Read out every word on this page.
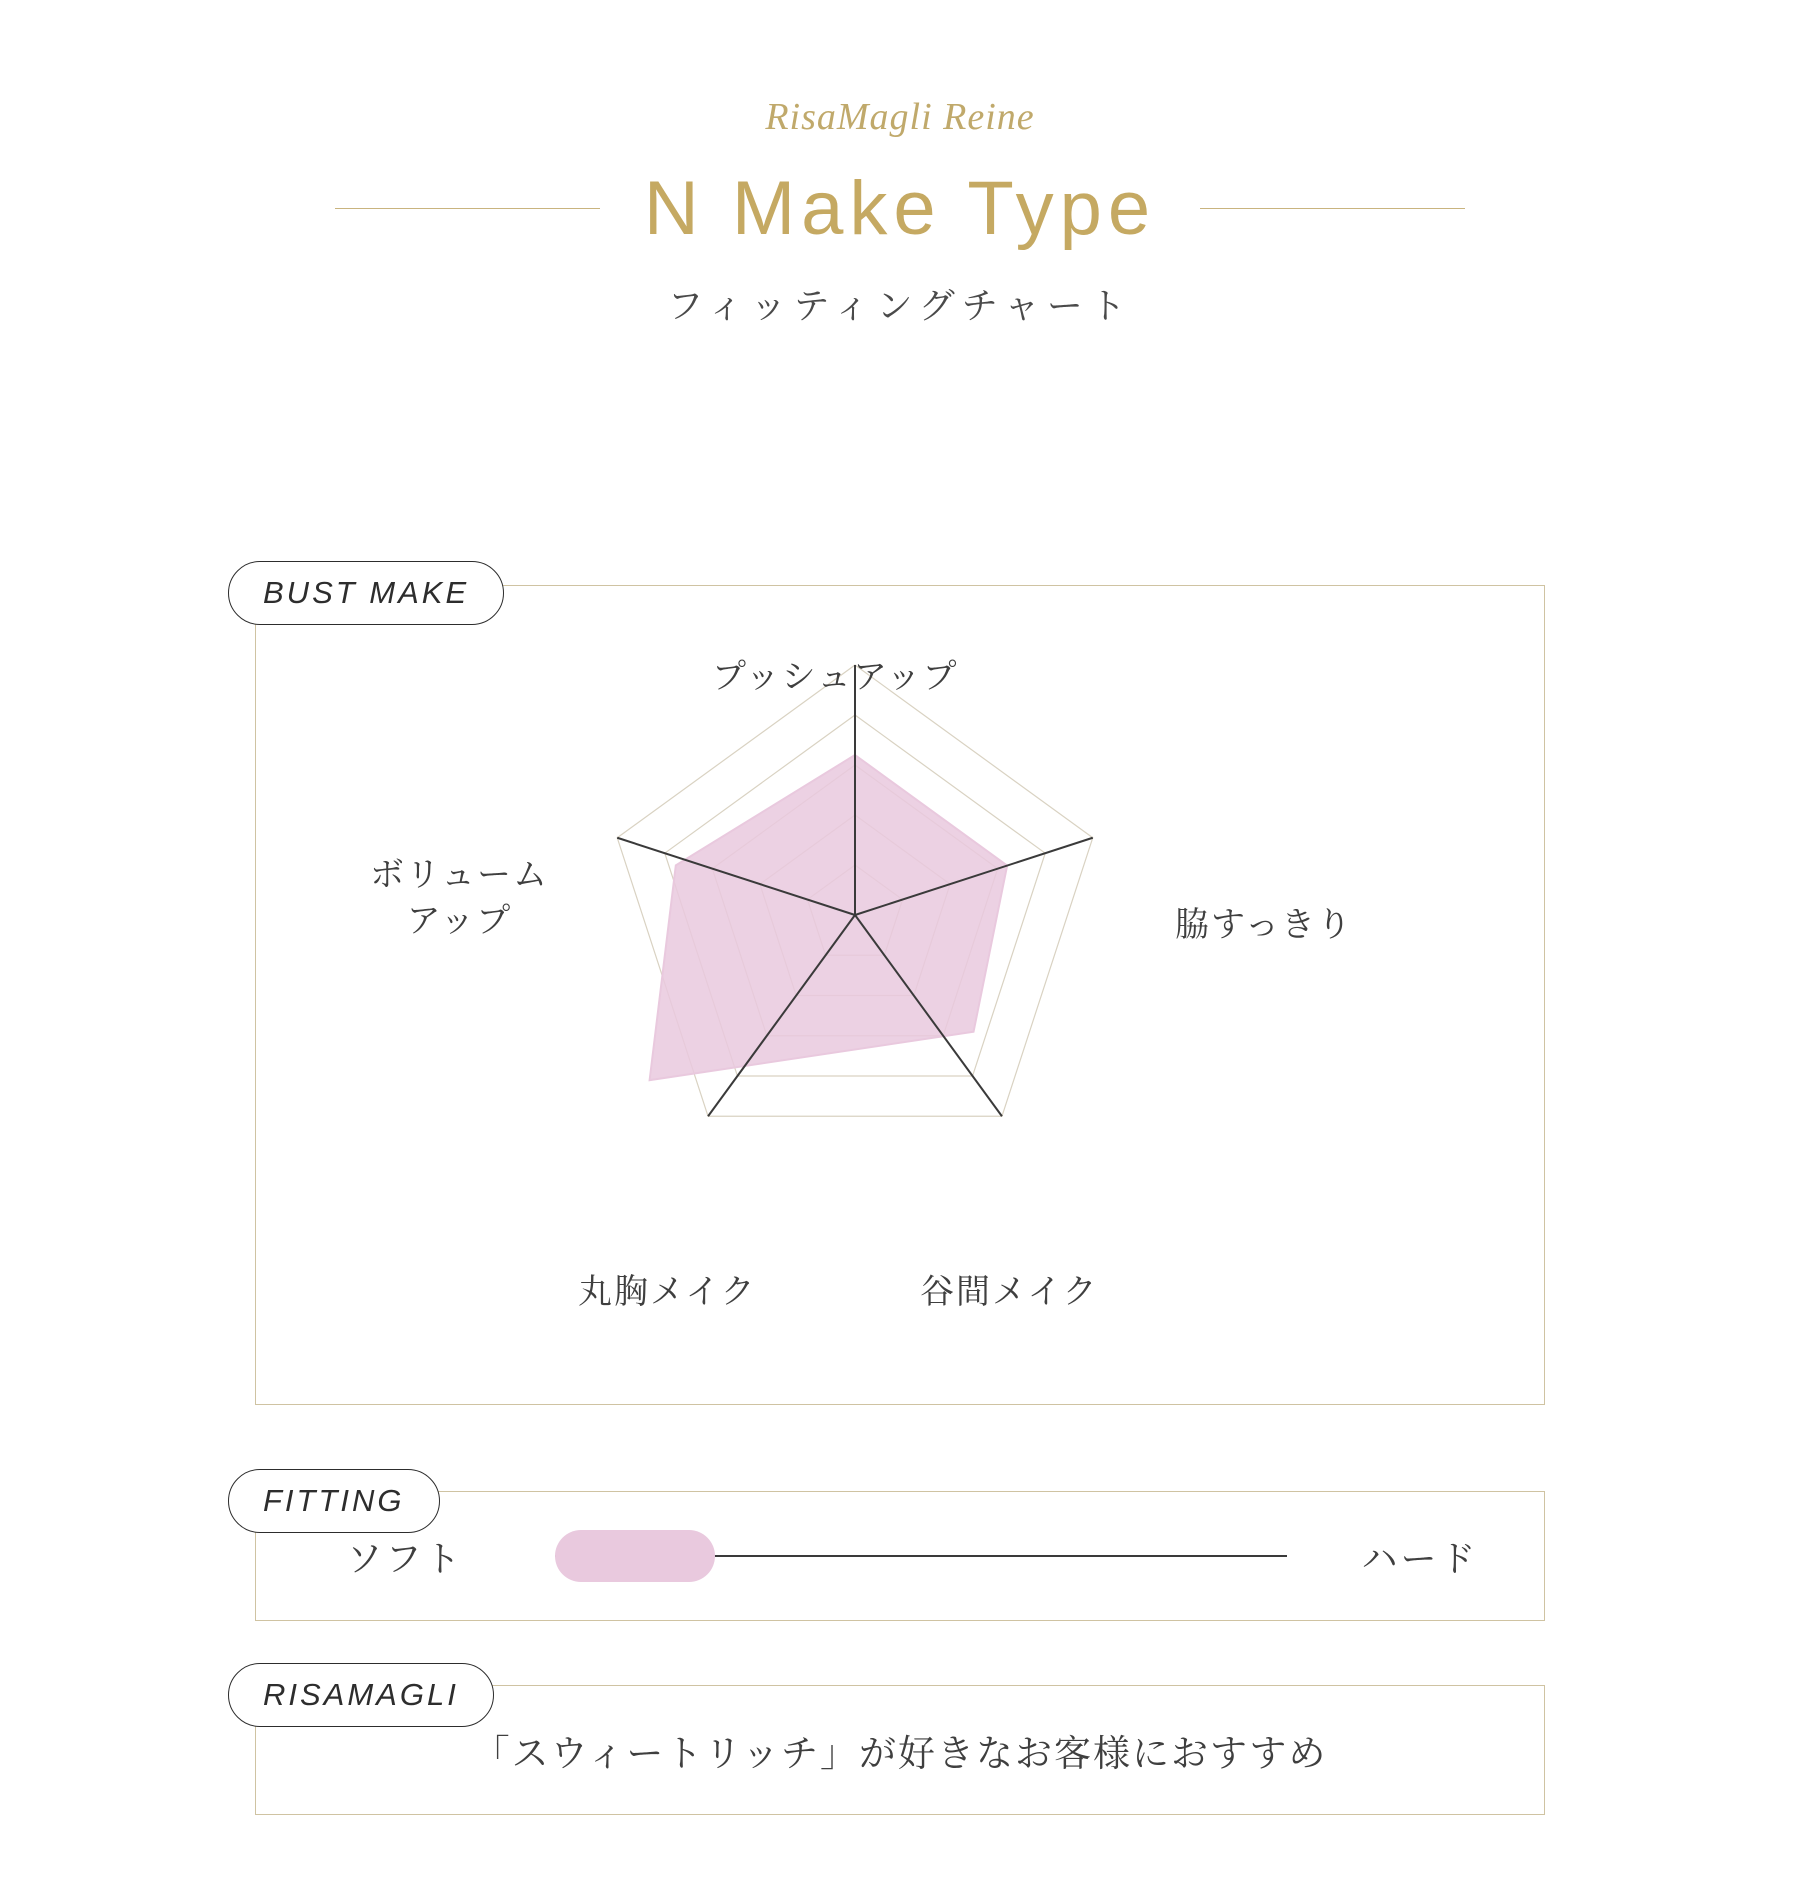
RisaMagli Reine
N Make Type
フィッティングチャート
BUST MAKE
プッシュアップ
脇すっきり
谷間メイク
丸胸メイク
ボリューム
アップ
FITTING
ソフト	ハード
RISAMAGLI
「スウィートリッチ」が好きなお客様におすすめ
